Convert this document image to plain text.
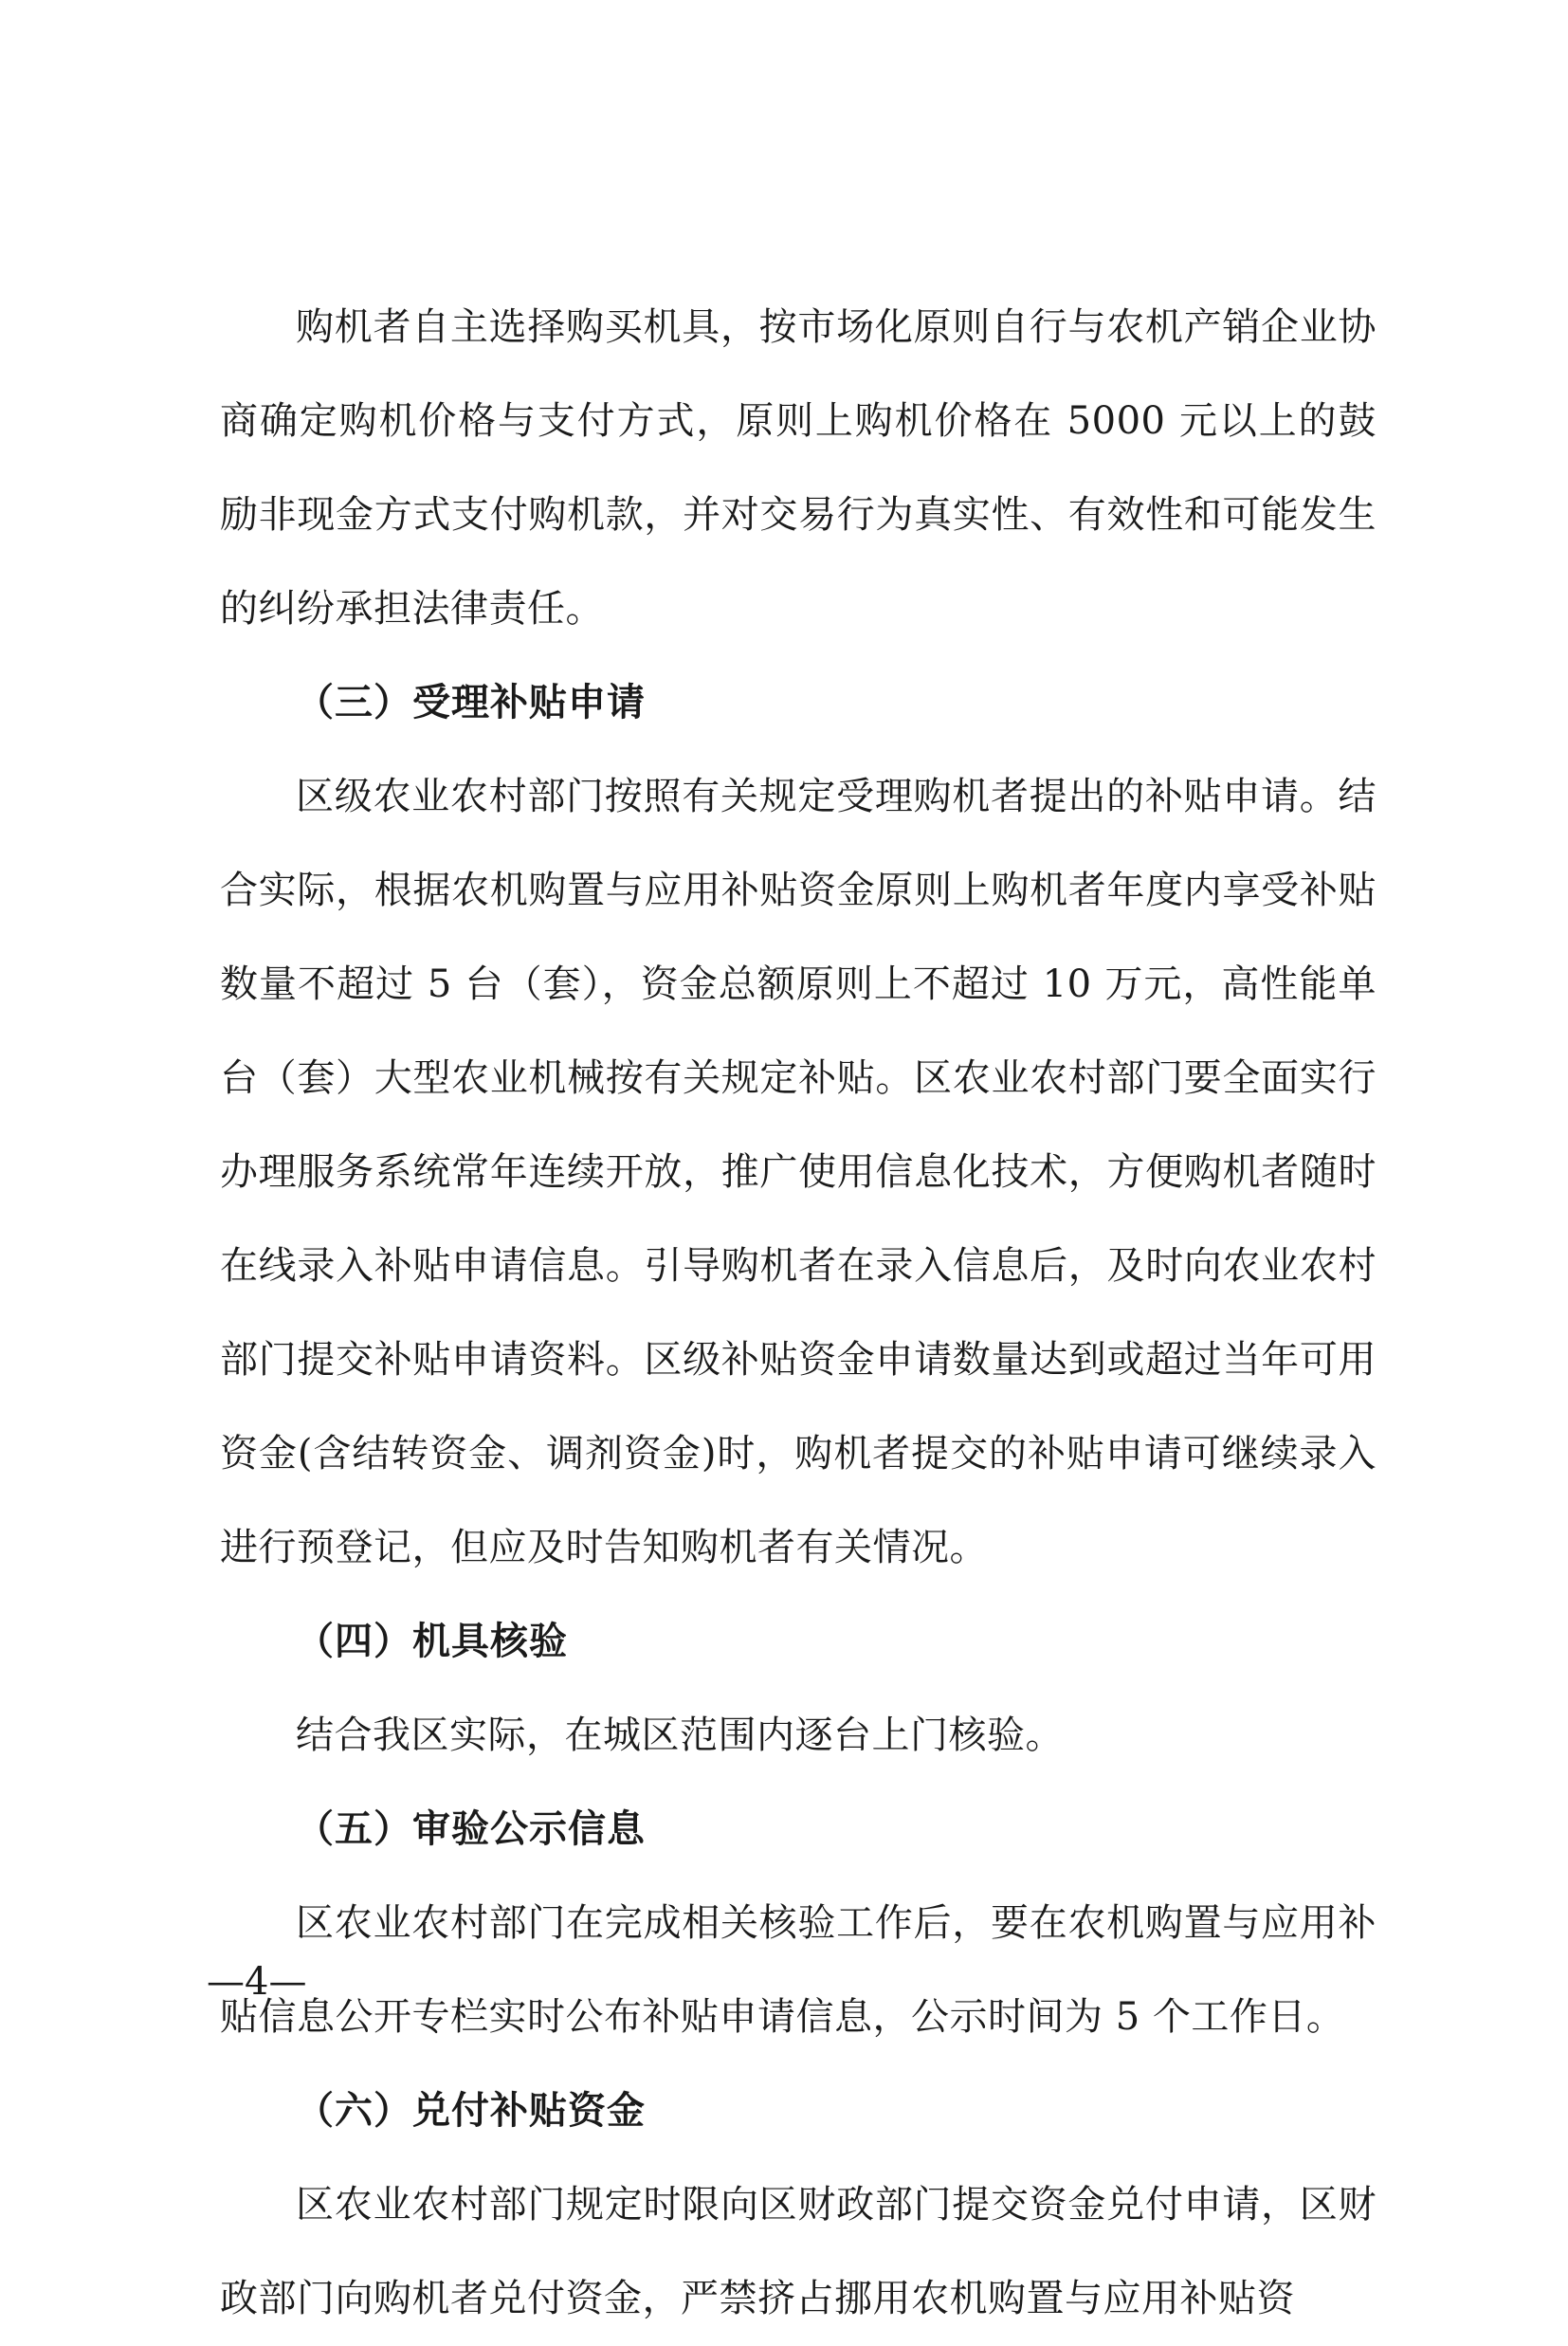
购机者自主选择购买机具，按市场化原则自行与农机产销企业协商确定购机价格与支付方式，原则上购机价格在 5000 元以上的鼓励非现金方式支付购机款，并对交易行为真实性、有效性和可能发生的纠纷承担法律责任。

（三）受理补贴申请

区级农业农村部门按照有关规定受理购机者提出的补贴申请。结合实际，根据农机购置与应用补贴资金原则上购机者年度内享受补贴数量不超过 5 台（套），资金总额原则上不超过 10 万元，高性能单台（套）大型农业机械按有关规定补贴。区农业农村部门要全面实行办理服务系统常年连续开放，推广使用信息化技术，方便购机者随时在线录入补贴申请信息。引导购机者在录入信息后，及时向农业农村部门提交补贴申请资料。区级补贴资金申请数量达到或超过当年可用资金(含结转资金、调剂资金)时，购机者提交的补贴申请可继续录入进行预登记，但应及时告知购机者有关情况。

（四）机具核验

结合我区实际，在城区范围内逐台上门核验。

（五）审验公示信息

区农业农村部门在完成相关核验工作后，要在农机购置与应用补贴信息公开专栏实时公布补贴申请信息，公示时间为 5 个工作日。

（六）兑付补贴资金

区农业农村部门规定时限向区财政部门提交资金兑付申请，区财政部门向购机者兑付资金，严禁挤占挪用农机购置与应用补贴资

—4—
